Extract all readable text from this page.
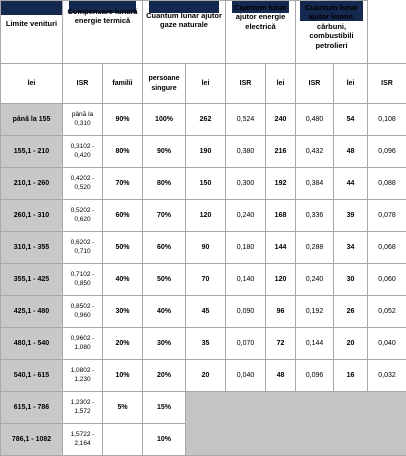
Limite venituri	Compensare lunară energie termică		Cuantum lunar ajutor gaze naturale		Cuantum lunar ajutor energie electrică		Cuantum lunar ajutor lemne, cărbuni, combustibili petrolieri		

lei	ISR	familii	persoane singure	lei	ISR	lei	ISR	lei	ISR
până la 155	până la 0,310	90%	100%	262	0,524	240	0,480	54	0,108
155,1 - 210	0,3102 - 0,420	80%	90%	190	0,380	216	0,432	48	0,096
210,1 - 260	0,4202 - 0,520	70%	80%	150	0,300	192	0,384	44	0,088
260,1 - 310	0,5202 - 0,620	60%	70%	120	0,240	168	0,336	39	0,078
310,1 - 355	0,6202 - 0,710	50%	60%	90	0,180	144	0,288	34	0,068
355,1 - 425	0,7102 - 0,850	40%	50%	70	0,140	120	0,240	30	0,060
425,1 - 480	0,8502 - 0,960	30%	40%	45	0,090	96	0,192	26	0,052
480,1 - 540	0,9602 - 1,080	20%	30%	35	0,070	72	0,144	20	0,040
540,1 - 615	1,0802 - 1,230	10%	20%	20	0,040	48	0,096	16	0,032
615,1 - 786	1,2302 - 1,572	5%	15%						
786,1 - 1082	1,5722 - 2,164		10%						
